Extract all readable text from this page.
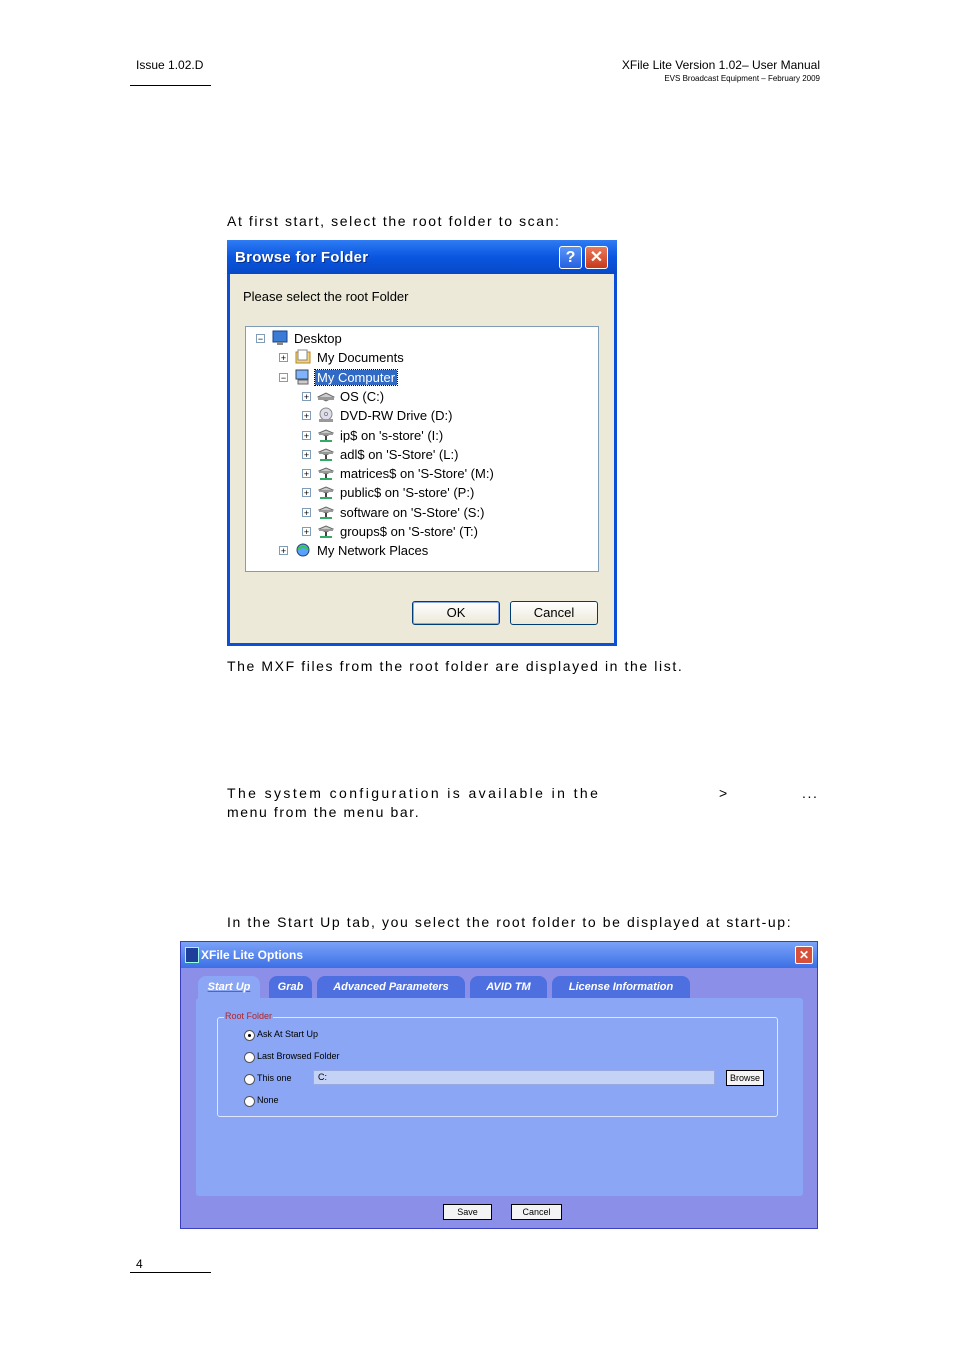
Issue 1.02.D	XFile Lite Version 1.02– User Manual
EVS Broadcast Equipment – February 2009
At first start, select the root folder to scan:
Browse for Folder	? ✕
Please select the root Folder
− Desktop
+ My Documents
− My Computer
+ OS (C:)
+ DVD-RW Drive (D:)
+ ip$ on 's-store' (I:)
+ adl$ on 'S-Store' (L:)
+ matrices$ on 'S-Store' (M:)
+ public$ on 'S-store' (P:)
+ software on 'S-Store' (S:)
+ groups$ on 'S-store' (T:)
+ My Network Places
OK	Cancel
The MXF files from the root folder are displayed in the list.
The system configuration is available in the	>	...
menu from the menu bar.
In the Start Up tab, you select the root folder to be displayed at start-up:
XFile Lite Options	✕
Start Up	Grab	Advanced Parameters	AVID TM	License Information
Root Folder
Ask At Start Up
Last Browsed Folder
This one	C:	Browse
None
Save	Cancel
4
